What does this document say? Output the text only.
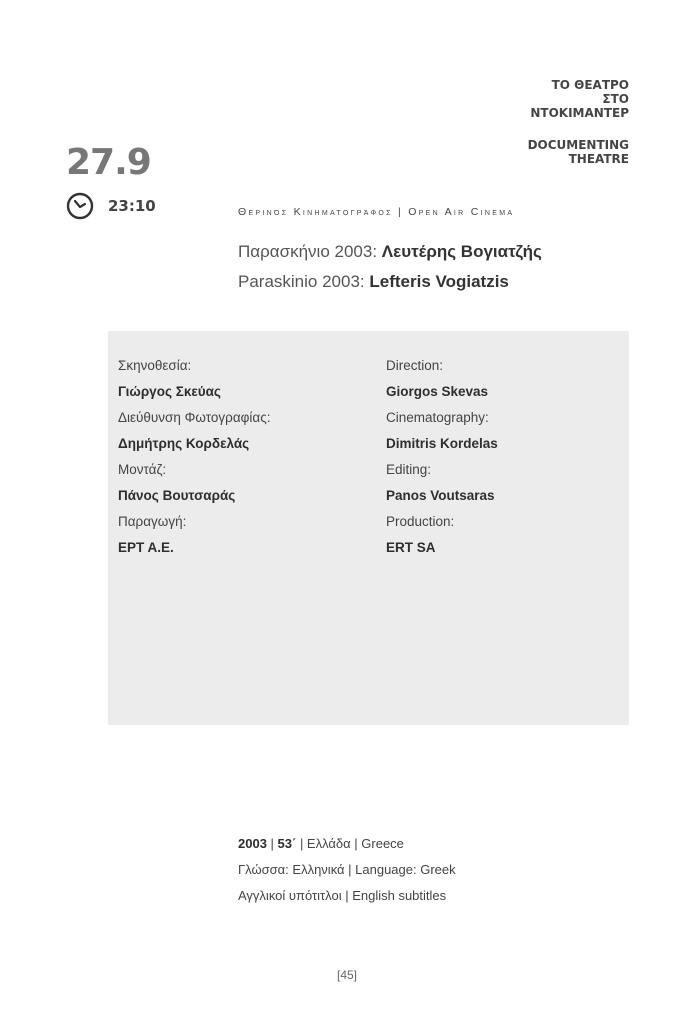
ΤΟ ΘΕΑΤΡΟ
ΣΤΟ
ΝΤΟΚΙΜΑΝΤΕΡ
DOCUMENTING
THEATRE
27.9
23:10	Θερινός Κινηματογράφος | Open Air Cinema
Παρασκήνιο 2003: Λευτέρης Βογιατζής
Paraskinio 2003: Lefteris Vogiatzis
Σκηνοθεσία:
Γιώργος Σκεύας
Διεύθυνση Φωτογραφίας:
Δημήτρης Κορδελάς
Μοντάζ:
Πάνος Βουτσαράς
Παραγωγή:
ΕΡΤ Α.Ε.
Direction:
Giorgos Skevas
Cinematography:
Dimitris Kordelas
Editing:
Panos Voutsaras
Production:
ERT SA
2003 | 53΄ | Ελλάδα | Greece
Γλώσσα: Ελληνικά | Language: Greek
Αγγλικοί υπότιτλοι | English subtitles
[45]
